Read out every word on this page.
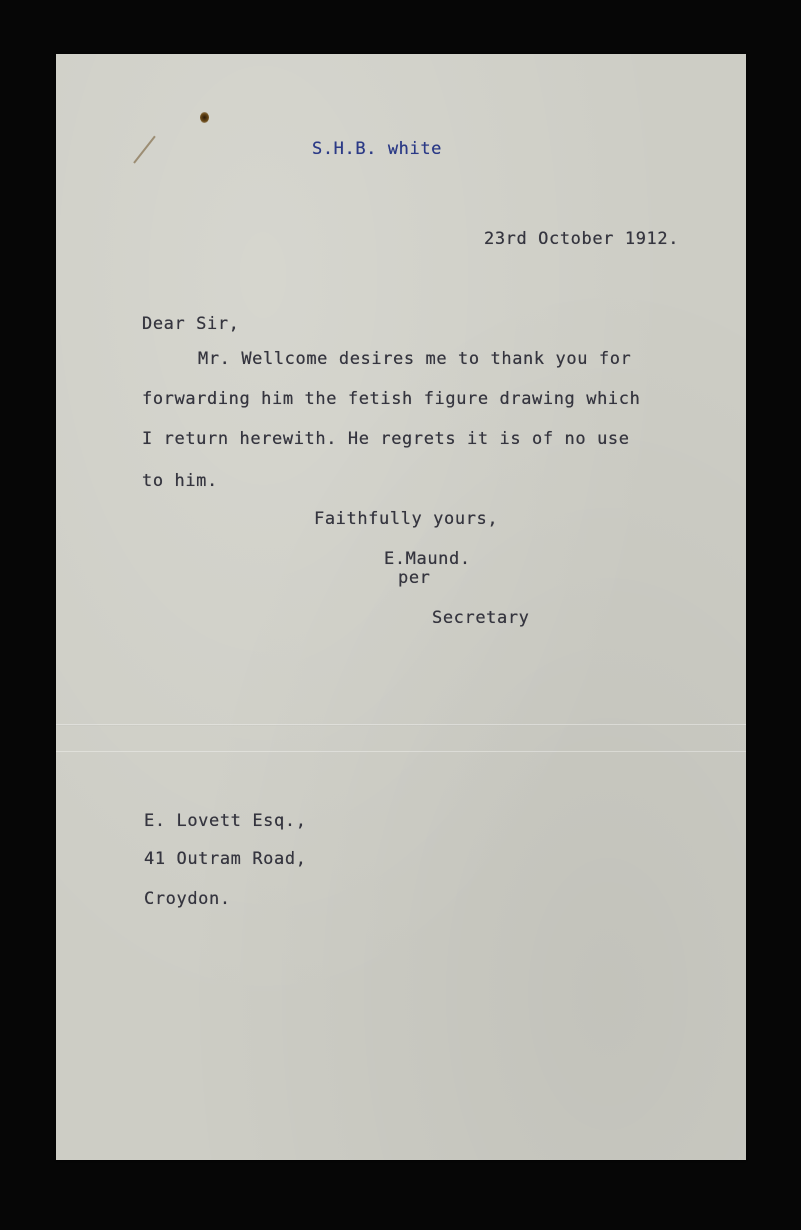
S.H.B. white

23rd October 1912.

Dear Sir,

Mr. Wellcome desires me to thank you for

forwarding him the fetish figure drawing which

I return herewith. He regrets it is of no use

to him.

Faithfully yours,

E.Maund.

per

Secretary

E. Lovett Esq.,

41 Outram Road,

Croydon.
